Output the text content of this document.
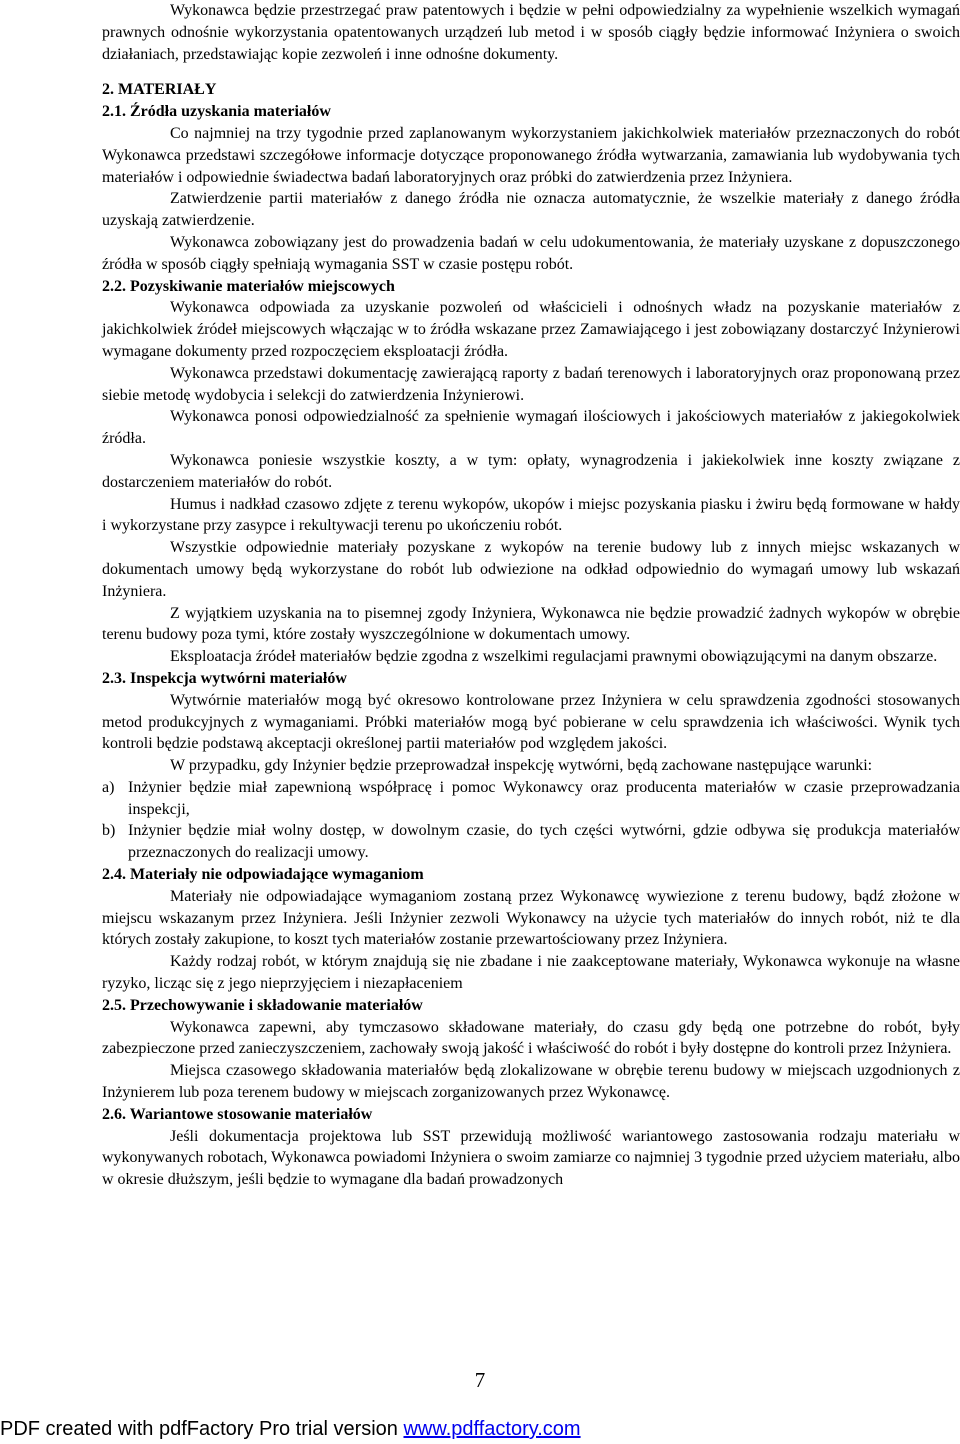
Wykonawca będzie przestrzegać praw patentowych i będzie w pełni odpowiedzialny za wypełnienie wszelkich wymagań prawnych odnośnie wykorzystania opatentowanych urządzeń lub metod i w sposób ciągły będzie informować Inżyniera o swoich działaniach, przedstawiając kopie zezwoleń i inne odnośne dokumenty.

2. MATERIAŁY
2.1. Źródła uzyskania materiałów

Co najmniej na trzy tygodnie przed zaplanowanym wykorzystaniem jakichkolwiek materiałów przeznaczonych do robót Wykonawca przedstawi szczegółowe informacje dotyczące proponowanego źródła wytwarzania, zamawiania lub wydobywania tych materiałów i odpowiednie świadectwa badań laboratoryjnych oraz próbki do zatwierdzenia przez Inżyniera.

Zatwierdzenie partii materiałów z danego źródła nie oznacza automatycznie, że wszelkie materiały z danego źródła uzyskają zatwierdzenie.

Wykonawca zobowiązany jest do prowadzenia badań w celu udokumentowania, że materiały uzyskane z dopuszczonego źródła w sposób ciągły spełniają wymagania SST w czasie postępu robót.

2.2. Pozyskiwanie materiałów miejscowych

Wykonawca odpowiada za uzyskanie pozwoleń od właścicieli i odnośnych władz na pozyskanie materiałów z jakichkolwiek źródeł miejscowych włączając w to źródła wskazane przez Zamawiającego i jest zobowiązany dostarczyć Inżynierowi wymagane dokumenty przed rozpoczęciem eksploatacji źródła.

Wykonawca przedstawi dokumentację zawierającą raporty z badań terenowych i laboratoryjnych oraz proponowaną przez siebie metodę wydobycia i selekcji do zatwierdzenia Inżynierowi.

Wykonawca ponosi odpowiedzialność za spełnienie wymagań ilościowych i jakościowych materiałów z jakiegokolwiek źródła.

Wykonawca poniesie wszystkie koszty, a w tym: opłaty, wynagrodzenia i jakiekolwiek inne koszty związane z dostarczeniem materiałów do robót.

Humus i nadkład czasowo zdjęte z terenu wykopów, ukopów i miejsc pozyskania piasku i żwiru będą formowane w hałdy i wykorzystane przy zasypce i rekultywacji terenu po ukończeniu robót.

Wszystkie odpowiednie materiały pozyskane z wykopów na terenie budowy lub z innych miejsc wskazanych w dokumentach umowy będą wykorzystane do robót lub odwiezione na odkład odpowiednio do wymagań umowy lub wskazań Inżyniera.

Z wyjątkiem uzyskania na to pisemnej zgody Inżyniera, Wykonawca nie będzie prowadzić żadnych wykopów w obrębie terenu budowy poza tymi, które zostały wyszczególnione w dokumentach umowy.

Eksploatacja źródeł materiałów będzie zgodna z wszelkimi regulacjami prawnymi obowiązującymi na danym obszarze.

2.3. Inspekcja wytwórni materiałów

Wytwórnie materiałów mogą być okresowo kontrolowane przez Inżyniera w celu sprawdzenia zgodności stosowanych metod produkcyjnych z wymaganiami. Próbki materiałów mogą być pobierane w celu sprawdzenia ich właściwości. Wynik tych kontroli będzie podstawą akceptacji określonej partii materiałów pod względem jakości.

W przypadku, gdy Inżynier będzie przeprowadzał inspekcję wytwórni, będą zachowane następujące warunki:

a) Inżynier będzie miał zapewnioną współpracę i pomoc Wykonawcy oraz producenta materiałów w czasie przeprowadzania inspekcji,
b) Inżynier będzie miał wolny dostęp, w dowolnym czasie, do tych części wytwórni, gdzie odbywa się produkcja materiałów przeznaczonych do realizacji umowy.
2.4. Materiały nie odpowiadające wymaganiom

Materiały nie odpowiadające wymaganiom zostaną przez Wykonawcę wywiezione z terenu budowy, bądź złożone w miejscu wskazanym przez Inżyniera. Jeśli Inżynier zezwoli Wykonawcy na użycie tych materiałów do innych robót, niż te dla których zostały zakupione, to koszt tych materiałów zostanie przewartościowany przez Inżyniera.

Każdy rodzaj robót, w którym znajdują się nie zbadane i nie zaakceptowane materiały, Wykonawca wykonuje na własne ryzyko, licząc się z jego nieprzyjęciem i niezapłaceniem

2.5. Przechowywanie i składowanie materiałów

Wykonawca zapewni, aby tymczasowo składowane materiały, do czasu gdy będą one potrzebne do robót, były zabezpieczone przed zanieczyszczeniem, zachowały swoją jakość i właściwość do robót i były dostępne do kontroli przez Inżyniera.

Miejsca czasowego składowania materiałów będą zlokalizowane w obrębie terenu budowy w miejscach uzgodnionych z Inżynierem lub poza terenem budowy w miejscach zorganizowanych przez Wykonawcę.

2.6. Wariantowe stosowanie materiałów

Jeśli dokumentacja projektowa lub SST przewidują możliwość wariantowego zastosowania rodzaju materiału w wykonywanych robotach, Wykonawca powiadomi Inżyniera o swoim zamiarze co najmniej 3 tygodnie przed użyciem materiału, albo w okresie dłuższym, jeśli będzie to wymagane dla badań prowadzonych

7
PDF created with pdfFactory Pro trial version www.pdffactory.com
